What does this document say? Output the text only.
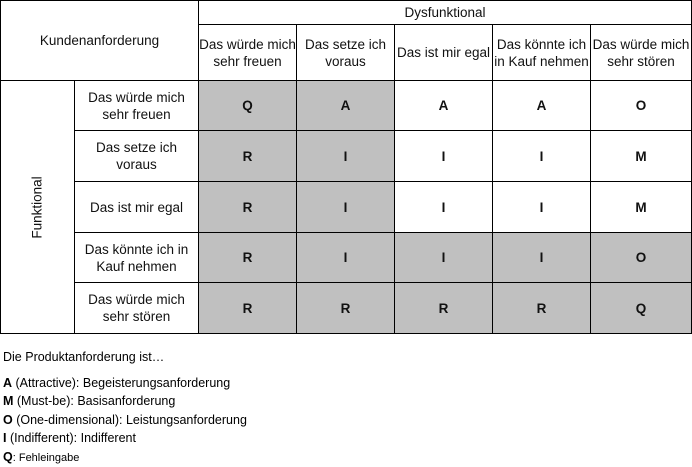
Kundenanforderung		Dysfunktional				
		Das würde mich sehr freuen	Das setze ich voraus	Das ist mir egal	Das könnte ich in Kauf nehmen	Das würde mich sehr stören
Funktional	Das würde mich sehr freuen	Q	A	A	A	O
	Das setze ich voraus	R	I	I	I	M
	Das ist mir egal	R	I	I	I	M
	Das könnte ich in Kauf nehmen	R	I	I	I	O
	Das würde mich sehr stören	R	R	R	R	Q
Die Produktanforderung ist…
A (Attractive): Begeisterungsanforderung
M (Must-be): Basisanforderung
O (One-dimensional): Leistungsanforderung
I (Indifferent): Indifferent
Q: Fehleingabe
